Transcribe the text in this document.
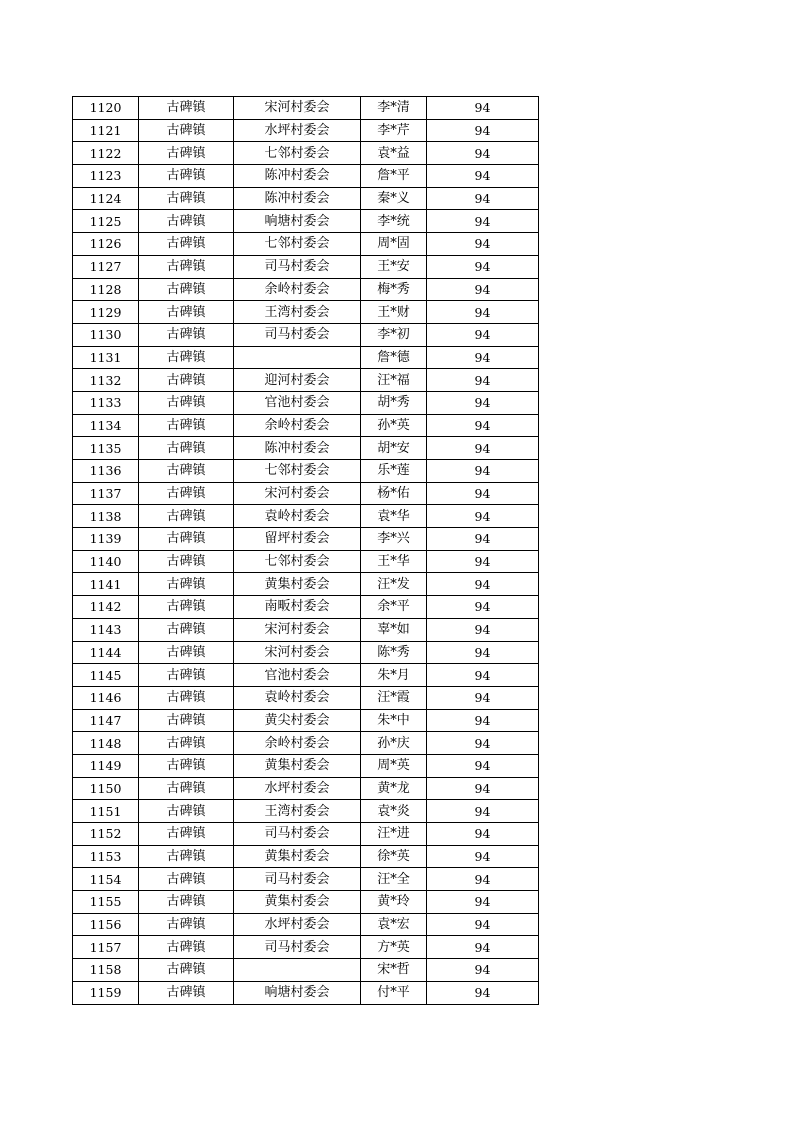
1120	古碑镇	宋河村委会	李*清	94
1121	古碑镇	水坪村委会	李*芹	94
1122	古碑镇	七邻村委会	袁*益	94
1123	古碑镇	陈冲村委会	詹*平	94
1124	古碑镇	陈冲村委会	秦*义	94
1125	古碑镇	响塘村委会	李*统	94
1126	古碑镇	七邻村委会	周*固	94
1127	古碑镇	司马村委会	王*安	94
1128	古碑镇	余岭村委会	梅*秀	94
1129	古碑镇	王湾村委会	王*财	94
1130	古碑镇	司马村委会	李*初	94
1131	古碑镇		詹*德	94
1132	古碑镇	迎河村委会	汪*福	94
1133	古碑镇	官池村委会	胡*秀	94
1134	古碑镇	余岭村委会	孙*英	94
1135	古碑镇	陈冲村委会	胡*安	94
1136	古碑镇	七邻村委会	乐*莲	94
1137	古碑镇	宋河村委会	杨*佑	94
1138	古碑镇	袁岭村委会	袁*华	94
1139	古碑镇	留坪村委会	李*兴	94
1140	古碑镇	七邻村委会	王*华	94
1141	古碑镇	黄集村委会	汪*发	94
1142	古碑镇	南畈村委会	余*平	94
1143	古碑镇	宋河村委会	辜*如	94
1144	古碑镇	宋河村委会	陈*秀	94
1145	古碑镇	官池村委会	朱*月	94
1146	古碑镇	袁岭村委会	汪*霞	94
1147	古碑镇	黄尖村委会	朱*中	94
1148	古碑镇	余岭村委会	孙*庆	94
1149	古碑镇	黄集村委会	周*英	94
1150	古碑镇	水坪村委会	黄*龙	94
1151	古碑镇	王湾村委会	袁*炎	94
1152	古碑镇	司马村委会	汪*进	94
1153	古碑镇	黄集村委会	徐*英	94
1154	古碑镇	司马村委会	汪*全	94
1155	古碑镇	黄集村委会	黄*玲	94
1156	古碑镇	水坪村委会	袁*宏	94
1157	古碑镇	司马村委会	方*英	94
1158	古碑镇		宋*哲	94
1159	古碑镇	响塘村委会	付*平	94
